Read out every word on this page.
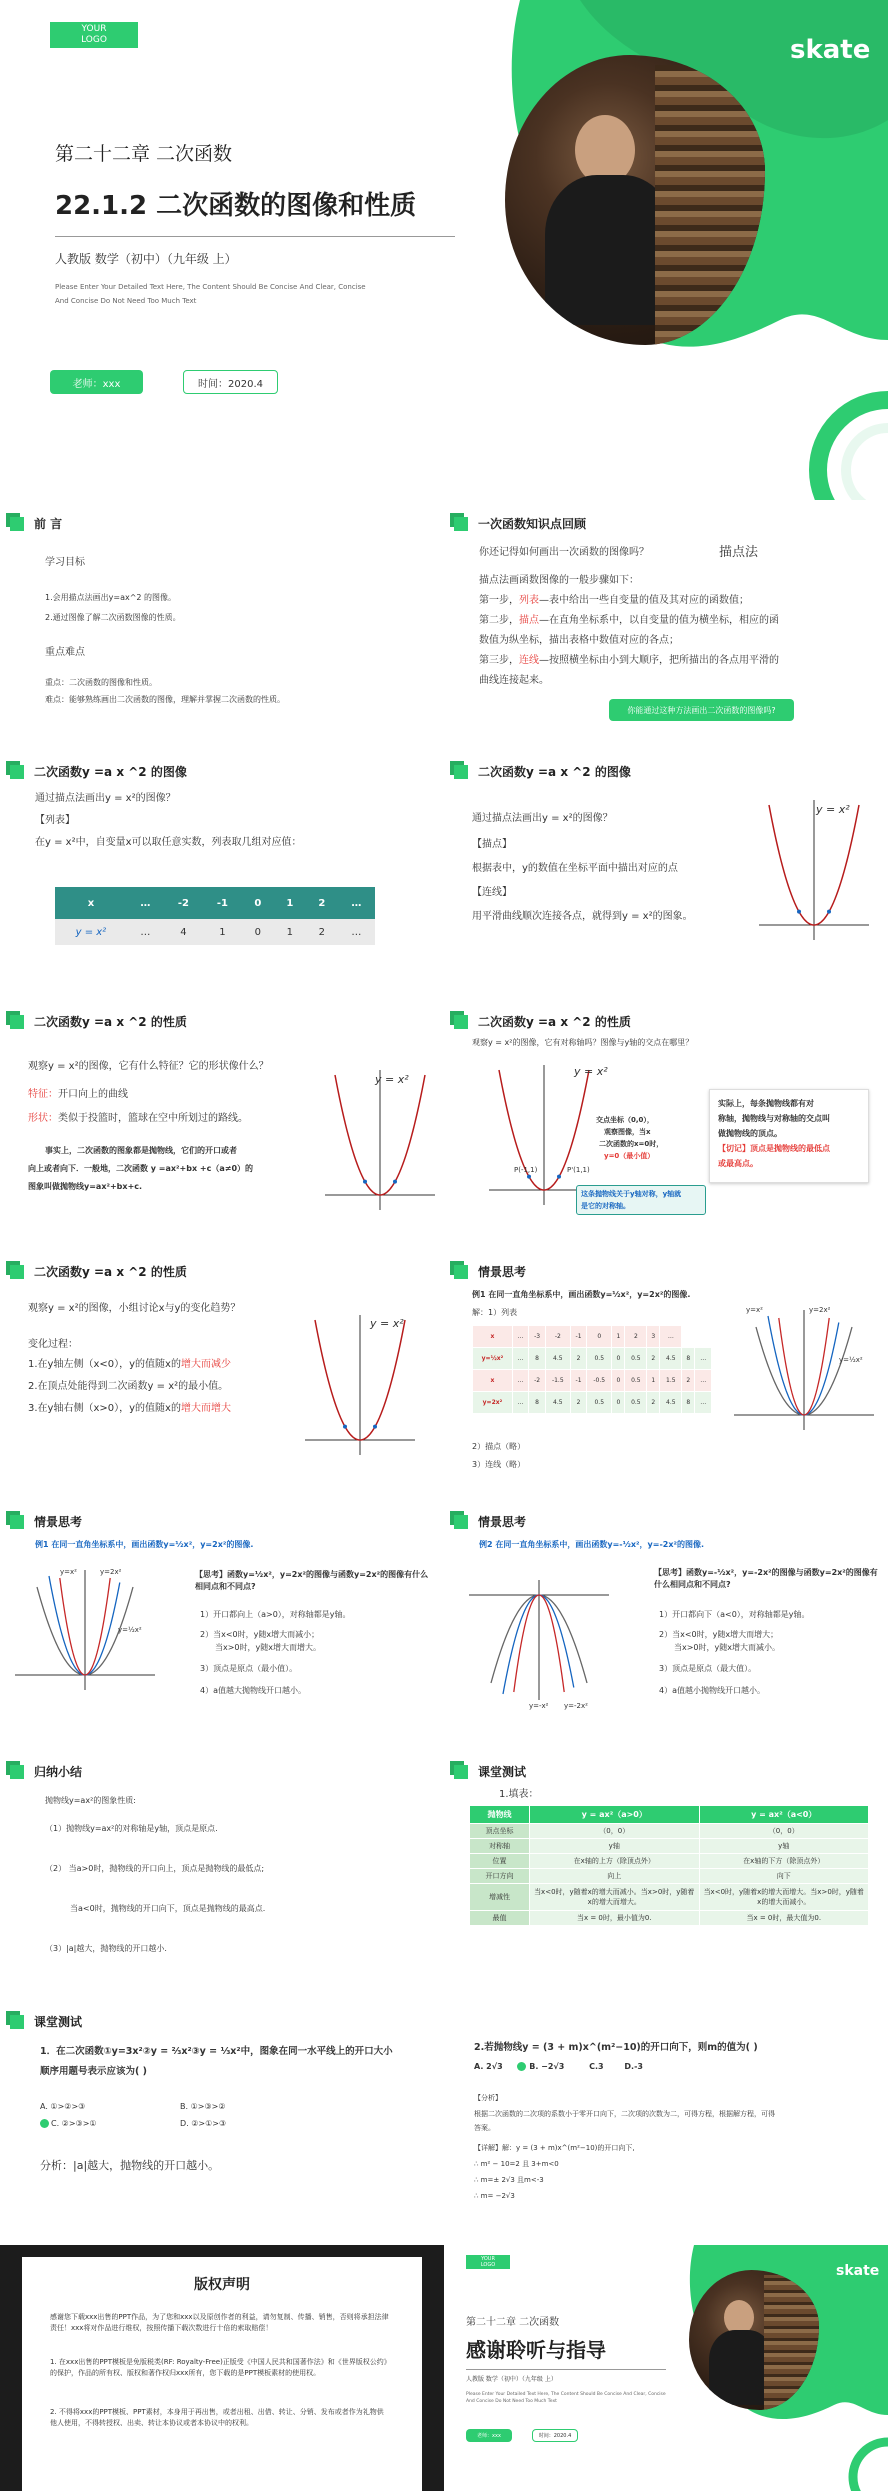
YOUR
LOGO	skate
第二十二章 二次函数
22.1.2 二次函数的图像和性质
人教版 数学（初中）（九年级 上）
Please Enter Your Detailed Text Here, The Content Should Be Concise And Clear, Concise
And Concise Do Not Need Too Much Text
老师：xxx	时间：2020.4
前 言
学习目标
1.会用描点法画出y=ax^2 的图像。
2.通过图像了解二次函数图像的性质。
重点难点
重点：二次函数的图像和性质。
难点：能够熟练画出二次函数的图像，理解并掌握二次函数的性质。
一次函数知识点回顾
你还记得如何画出一次函数的图像吗？	描点法
描点法画函数图像的一般步骤如下：
第一步，列表—表中给出一些自变量的值及其对应的函数值；
第二步，描点—在直角坐标系中，以自变量的值为横坐标，相应的函
数值为纵坐标，描出表格中数值对应的各点；
第三步，连线—按照横坐标由小到大顺序，把所描出的各点用平滑的
曲线连接起来。
你能通过这种方法画出二次函数的图像吗?
二次函数y =a x ^2 的图像
通过描点法画出y = x²的图像？
【列表】
在y = x²中，自变量x可以取任意实数，列表取几组对应值：
x	…	-2	-1	0	1	2	…
y = x²	…	4	1	0	1	2	…
二次函数y =a x ^2 的图像
通过描点法画出y = x²的图像？
【描点】
根据表中，y的数值在坐标平面中描出对应的点
【连线】
用平滑曲线顺次连接各点，就得到y = x²的图象。
y = x²
二次函数y =a x ^2 的性质
观察y = x²的图像，它有什么特征？它的形状像什么？
特征：开口向上的曲线
形状：类似于投篮时，篮球在空中所划过的路线。
事实上，二次函数的图象都是抛物线，它们的开口或者
向上或者向下．一般地，二次函数 y =ax²+bx +c（a≠0）的
图象叫做抛物线y=ax²+bx+c.
y = x²
二次函数y =a x ^2 的性质
观察y = x²的图像，它有对称轴吗？图像与y轴的交点在哪里？
y = x²
P(-1,1)	P'(1,1)
交点坐标（0,0），
观察图像，当x
二次函数的x=0时，
y=0（最小值）
这条抛物线关于y轴对称，y轴就
是它的对称轴。
实际上，每条抛物线都有对
称轴，抛物线与对称轴的交点叫
做抛物线的顶点。
【切记】顶点是抛物线的最低点
或最高点。
二次函数y =a x ^2 的性质
观察y = x²的图像，小组讨论x与y的变化趋势？
变化过程：
1.在y轴左侧（x<0），y的值随x的增大而减少
2.在顶点处能得到二次函数y = x²的最小值。
3.在y轴右侧（x>0），y的值随x的增大而增大
y = x²
情景思考
例1 在同一直角坐标系中，画出函数y=½x²，y=2x²的图像.
解：1）列表
x	…	-3	-2	-1	0	1	2	3	…		
y=½x²	…	8	4.5	2	0.5	0	0.5	2	4.5	8	…
x	…	-2	-1.5	-1	-0.5	0	0.5	1	1.5	2	…
y=2x²	…	8	4.5	2	0.5	0	0.5	2	4.5	8	…
2）描点（略）
3）连线（略）
y=x²	y=2x²
y=½x²
情景思考
例1 在同一直角坐标系中，画出函数y=½x²，y=2x²的图像.
y=x²	y=2x²
y=½x²
【思考】函数y=½x²，y=2x²的图像与函数y=2x²的图像有什么相同点和不同点?
1）开口都向上（a>0），对称轴都是y轴。
2）当x<0时，y随x增大而减小；
当x>0时，y随x增大而增大。
3）顶点是原点（最小值）。
4）a值越大抛物线开口越小。
情景思考
例2 在同一直角坐标系中，画出函数y=-½x²，y=-2x²的图像.
y=-x² y=-2x²
【思考】函数y=-½x²，y=-2x²的图像与函数y=2x²的图像有什么相同点和不同点?
1）开口都向下（a<0），对称轴都是y轴。
2）当x<0时，y随x增大而增大；
当x>0时，y随x增大而减小。
3）顶点是原点（最大值）。
4）a值越小抛物线开口越小。
归纳小结
抛物线y=ax²的图象性质:
（1）抛物线y=ax²的对称轴是y轴，顶点是原点.
（2） 当a>0时，抛物线的开口向上，顶点是抛物线的最低点;
当a<0时，抛物线的开口向下，顶点是抛物线的最高点.
（3）|a|越大，抛物线的开口越小.
课堂测试
1.填表：
抛物线	y = ax²（a>0）	y = ax²（a<0）
顶点坐标	（0，0）	（0，0）
对称轴	y轴	y轴
位置	在x轴的上方（除顶点外）	在x轴的下方（除顶点外）
开口方向	向上	向下
增减性	当x<0时，y随着x的增大而减小。当x>0时，y随着x的增大而增大。	当x<0时，y随着x的增大而增大。当x>0时，y随着x的增大而减小。
最值	当x = 0时，最小值为0.	当x = 0时，最大值为0.
课堂测试
1．在二次函数①y=3x²②y = ⅔x²③y = ⅓x²中，图象在同一水平线上的开口大小
顺序用题号表示应该为( )
A. ①>②>③	B. ①>③>②
C. ②>③>①	D. ②>①>③
分析：|a|越大，抛物线的开口越小。
2.若抛物线y = (3 + m)x^(m²−10)的开口向下，则m的值为( )
A. 2√3	B. −2√3	C.3	D.-3
【分析】
根据二次函数的二次项的系数小于零开口向下，二次项的次数为二，可得方程，根据解方程，可得
答案。
【详解】解：y = (3 + m)x^(m²−10)的开口向下,
∴ m² − 10=2 且 3+m<0
∴ m=± 2√3 且m<-3
∴ m= −2√3
版权声明
感谢您下载xxx出售的PPT作品，为了您和xxx以及原创作者的利益，请勿复制、传播、销售，否则将承担法律责任！xxx将对作品进行维权，按照传播下载次数进行十倍的索取赔偿！
1. 在xxx出售的PPT模板是免版税类(RF: Royalty-Free)正版受《中国人民共和国著作法》和《世界版权公约》的保护，作品的所有权、版权和著作权归xxx所有，您下载的是PPT模板素材的使用权。
2. 不得将xxx的PPT模板、PPT素材，本身用于再出售，或者出租、出借、转让、分销、发布或者作为礼物供他人使用，不得转授权、出卖、转让本协议或者本协议中的权利。
YOUR
LOGO	skate
第二十二章 二次函数
感谢聆听与指导
人教版 数学（初中）（九年级 上）
Please Enter Your Detailed Text Here, The Content Should Be Concise And Clear, Concise And Concise Do Not Need Too Much Text
老师：xxx	时间：2020.4
